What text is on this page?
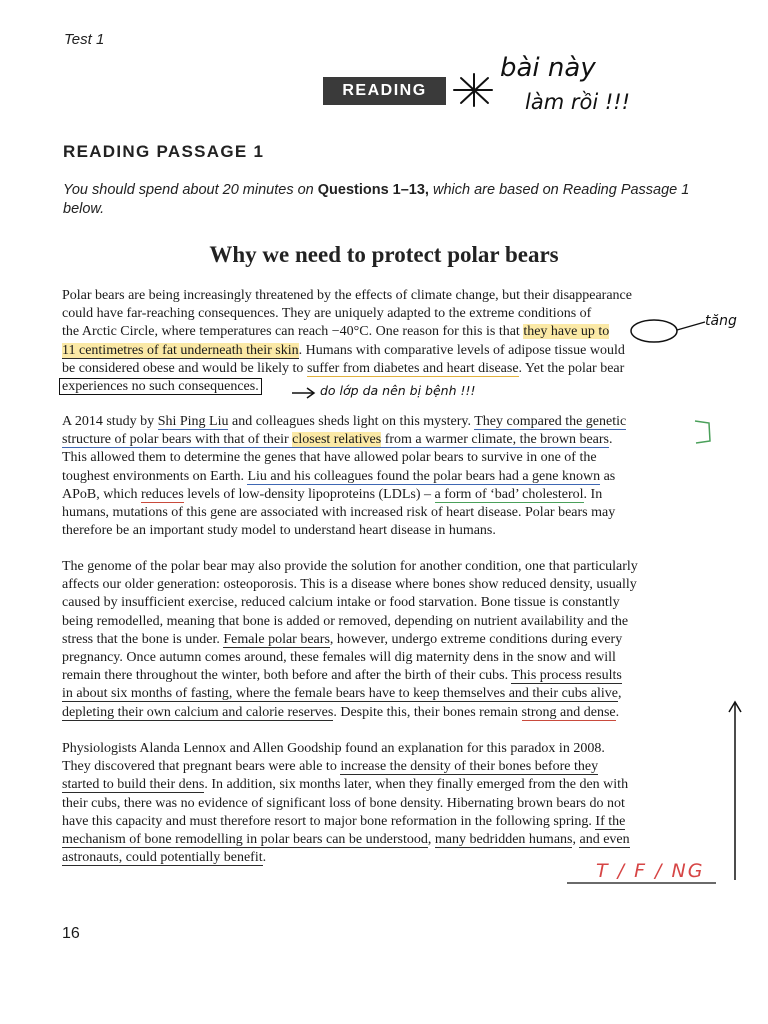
Test 1
READING
READING PASSAGE 1
You should spend about 20 minutes on Questions 1–13, which are based on Reading Passage 1 below.
Why we need to protect polar bears
Polar bears are being increasingly threatened by the effects of climate change, but their disappearance
could have far-reaching consequences. They are uniquely adapted to the extreme conditions of
the Arctic Circle, where temperatures can reach −40°C. One reason for this is that they have up to
11 centimetres of fat underneath their skin. Humans with comparative levels of adipose tissue would
be considered obese and would be likely to suffer from diabetes and heart disease. Yet the polar bear
experiences no such consequences.
A 2014 study by Shi Ping Liu and colleagues sheds light on this mystery. They compared the genetic
structure of polar bears with that of their closest relatives from a warmer climate, the brown bears.
This allowed them to determine the genes that have allowed polar bears to survive in one of the
toughest environments on Earth. Liu and his colleagues found the polar bears had a gene known as
APoB, which reduces levels of low-density lipoproteins (LDLs) – a form of ‘bad’ cholesterol. In
humans, mutations of this gene are associated with increased risk of heart disease. Polar bears may
therefore be an important study model to understand heart disease in humans.
The genome of the polar bear may also provide the solution for another condition, one that particularly
affects our older generation: osteoporosis. This is a disease where bones show reduced density, usually
caused by insufficient exercise, reduced calcium intake or food starvation. Bone tissue is constantly
being remodelled, meaning that bone is added or removed, depending on nutrient availability and the
stress that the bone is under. Female polar bears, however, undergo extreme conditions during every
pregnancy. Once autumn comes around, these females will dig maternity dens in the snow and will
remain there throughout the winter, both before and after the birth of their cubs. This process results
in about six months of fasting, where the female bears have to keep themselves and their cubs alive,
depleting their own calcium and calorie reserves. Despite this, their bones remain strong and dense.
Physiologists Alanda Lennox and Allen Goodship found an explanation for this paradox in 2008.
They discovered that pregnant bears were able to increase the density of their bones before they
started to build their dens. In addition, six months later, when they finally emerged from the den with
their cubs, there was no evidence of significant loss of bone density. Hibernating brown bears do not
have this capacity and must therefore resort to major bone reformation in the following spring. If the
mechanism of bone remodelling in polar bears can be understood, many bedridden humans, and even
astronauts, could potentially benefit.
bài này
làm rồi !!!
tăng
do lớp da nên bị bệnh !!!
T / F / NG
16
